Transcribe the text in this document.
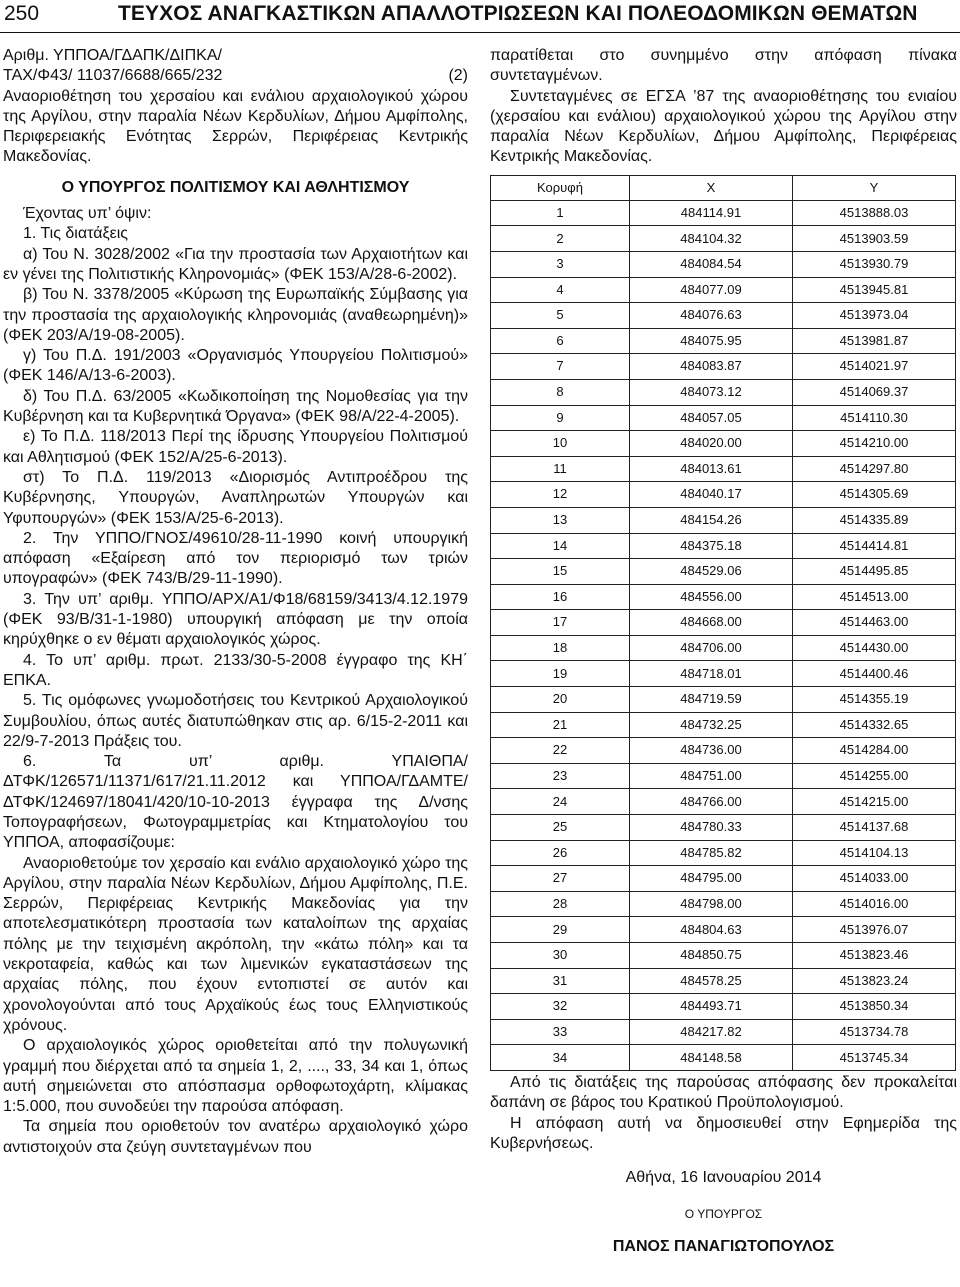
250	ΤΕΥΧΟΣ ΑΝΑΓΚΑΣΤΙΚΩΝ ΑΠΑΛΛΟΤΡΙΩΣΕΩΝ ΚΑΙ ΠΟΛΕΟΔΟΜΙΚΩΝ ΘΕΜΑΤΩΝ

Αριθμ. ΥΠΠΟΑ/ΓΔΑΠΚ/ΔΙΠΚΑ/

ΤΑΧ/Φ43/ 11037/6688/665/232	(2)

Αναοριοθέτηση του χερσαίου και ενάλιου αρχαιολογικού χώρου της Αργίλου, στην παραλία Νέων Κερδυλίων, Δήμου Αμφίπολης, Περιφερειακής Ενότητας Σερρών, Περιφέρειας Κεντρικής Μακεδονίας.

Ο ΥΠΟΥΡΓΟΣ ΠΟΛΙΤΙΣΜΟΥ ΚΑΙ ΑΘΛΗΤΙΣΜΟΥ

Έχοντας υπ’ όψιν:

1. Τις διατάξεις

α) Του Ν. 3028/2002 «Για την προστασία των Αρχαιοτήτων και εν γένει της Πολιτιστικής Κληρονομιάς» (ΦΕΚ 153/Α/28-6-2002).

β) Του Ν. 3378/2005 «Κύρωση της Ευρωπαϊκής Σύμβασης για την προστασία της αρχαιολογικής κληρονομιάς (αναθεωρημένη)» (ΦΕΚ 203/Α/19-08-2005).

γ) Του Π.Δ. 191/2003 «Οργανισμός Υπουργείου Πολιτισμού» (ΦΕΚ 146/Α/13-6-2003).

δ) Του Π.Δ. 63/2005 «Κωδικοποίηση της Νομοθεσίας για την Κυβέρνηση και τα Κυβερνητικά Όργανα» (ΦΕΚ 98/Α/22-4-2005).

ε) Το Π.Δ. 118/2013 Περί της ίδρυσης Υπουργείου Πολιτισμού και Αθλητισμού (ΦΕΚ 152/Α/25-6-2013).

στ) Το Π.Δ. 119/2013 «Διορισμός Αντιπροέδρου της Κυβέρνησης, Υπουργών, Αναπληρωτών Υπουργών και Υφυπουργών» (ΦΕΚ 153/Α/25-6-2013).

2. Την ΥΠΠΟ/ΓΝΟΣ/49610/28-11-1990 κοινή υπουργική απόφαση «Εξαίρεση από τον περιορισμό των τριών υπογραφών» (ΦΕΚ 743/Β/29-11-1990).

3. Την υπ’ αριθμ. ΥΠΠΟ/ΑΡΧ/Α1/Φ18/68159/3413/4.12.1979 (ΦΕΚ 93/Β/31-1-1980) υπουργική απόφαση με την οποία κηρύχθηκε ο εν θέματι αρχαιολογικός χώρος.

4. Το υπ’ αριθμ. πρωτ. 2133/30-5-2008 έγγραφο της ΚΗ΄ ΕΠΚΑ.

5. Τις ομόφωνες γνωμοδοτήσεις του Κεντρικού Αρχαιολογικού Συμβουλίου, όπως αυτές διατυπώθηκαν στις αρ. 6/15-2-2011 και 22/9-7-2013 Πράξεις του.

6. Τα υπ’ αριθμ. ΥΠΑΙΘΠΑ/ΔΤΦΚ/126571/11371/617/21.11.2012 και ΥΠΠΟΑ/ΓΔΑΜΤΕ/ΔΤΦΚ/124697/18041/420/10-10-2013 έγγραφα της Δ/νσης Τοπογραφήσεων, Φωτογραμμετρίας και Κτηματολογίου του ΥΠΠΟΑ, αποφασίζουμε:

Αναοριοθετούμε τον χερσαίο και ενάλιο αρχαιολογικό χώρο της Αργίλου, στην παραλία Νέων Κερδυλίων, Δήμου Αμφίπολης, Π.Ε. Σερρών, Περιφέρειας Κεντρικής Μακεδονίας για την αποτελεσματικότερη προστασία των καταλοίπων της αρχαίας πόλης με την τειχισμένη ακρόπολη, την «κάτω πόλη» και τα νεκροταφεία, καθώς και των λιμενικών εγκαταστάσεων της αρχαίας πόλης, που έχουν εντοπιστεί σε αυτόν και χρονολογούνται από τους Αρχαϊκούς έως τους Ελληνιστικούς χρόνους.

Ο αρχαιολογικός χώρος οριοθετείται από την πολυγωνική γραμμή που διέρχεται από τα σημεία 1, 2, ...., 33, 34 και 1, όπως αυτή σημειώνεται στο απόσπασμα ορθοφωτοχάρτη, κλίμακας 1:5.000, που συνοδεύει την παρούσα απόφαση.

Τα σημεία που οριοθετούν τον ανατέρω αρχαιολογικό χώρο αντιστοιχούν στα ζεύγη συντεταγμένων που

παρατίθεται στο συνημμένο στην απόφαση πίνακα συντεταγμένων.

Συντεταγμένες σε ΕΓΣΑ ’87 της αναοριοθέτησης του ενιαίου (χερσαίου και ενάλιου) αρχαιολογικού χώρου της Αργίλου στην παραλία Νέων Κερδυλίων, Δήμου Αμφίπολης, Περιφέρειας Κεντρικής Μακεδονίας.

Κορυφή	Χ	Υ
1	484114.91	4513888.03
2	484104.32	4513903.59
3	484084.54	4513930.79
4	484077.09	4513945.81
5	484076.63	4513973.04
6	484075.95	4513981.87
7	484083.87	4514021.97
8	484073.12	4514069.37
9	484057.05	4514110.30
10	484020.00	4514210.00
11	484013.61	4514297.80
12	484040.17	4514305.69
13	484154.26	4514335.89
14	484375.18	4514414.81
15	484529.06	4514495.85
16	484556.00	4514513.00
17	484668.00	4514463.00
18	484706.00	4514430.00
19	484718.01	4514400.46
20	484719.59	4514355.19
21	484732.25	4514332.65
22	484736.00	4514284.00
23	484751.00	4514255.00
24	484766.00	4514215.00
25	484780.33	4514137.68
26	484785.82	4514104.13
27	484795.00	4514033.00
28	484798.00	4514016.00
29	484804.63	4513976.07
30	484850.75	4513823.46
31	484578.25	4513823.24
32	484493.71	4513850.34
33	484217.82	4513734.78
34	484148.58	4513745.34

Από τις διατάξεις της παρούσας απόφασης δεν προκαλείται δαπάνη σε βάρος του Κρατικού Προϋπολογισμού.

Η απόφαση αυτή να δημοσιευθεί στην Εφημερίδα της Κυβερνήσεως.

Αθήνα, 16 Ιανουαρίου 2014

Ο ΥΠΟΥΡΓΟΣ

ΠΑΝΟΣ ΠΑΝΑΓΙΩΤΟΠΟΥΛΟΣ
